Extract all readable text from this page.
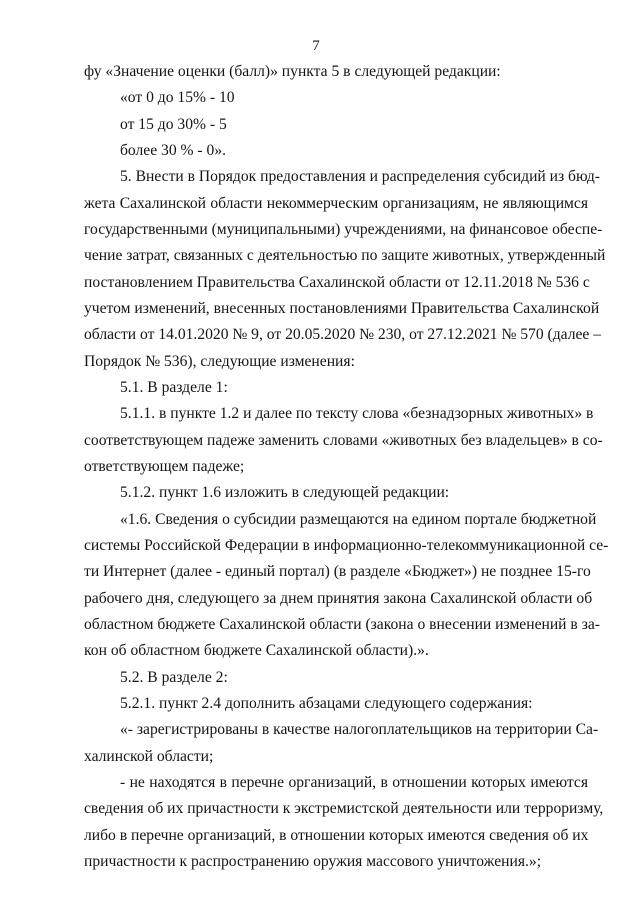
7
фу «Значение оценки (балл)» пункта 5 в следующей редакции:
«от 0 до 15% - 10
от 15 до 30% - 5
более 30 % - 0».
5. Внести в Порядок предоставления и распределения субсидий из бюд-
жета Сахалинской области некоммерческим организациям, не являющимся
государственными (муниципальными) учреждениями, на финансовое обеспе-
чение затрат, связанных с деятельностью по защите животных, утвержденный
постановлением Правительства Сахалинской области от 12.11.2018 № 536 с
учетом изменений, внесенных постановлениями Правительства Сахалинской
области от 14.01.2020 № 9, от 20.05.2020 № 230, от 27.12.2021 № 570 (далее –
Порядок № 536), следующие изменения:
5.1. В разделе 1:
5.1.1. в пункте 1.2 и далее по тексту слова «безнадзорных животных» в
соответствующем падеже заменить словами «животных без владельцев» в со-
ответствующем падеже;
5.1.2. пункт 1.6 изложить в следующей редакции:
«1.6. Сведения о субсидии размещаются на едином портале бюджетной
системы Российской Федерации в информационно-телекоммуникационной се-
ти Интернет (далее - единый портал) (в разделе «Бюджет») не позднее 15-го
рабочего дня, следующего за днем принятия закона Сахалинской области об
областном бюджете Сахалинской области (закона о внесении изменений в за-
кон об областном бюджете Сахалинской области).».
5.2. В разделе 2:
5.2.1. пункт 2.4 дополнить абзацами следующего содержания:
«- зарегистрированы в качестве налогоплательщиков на территории Са-
халинской области;
- не находятся в перечне организаций, в отношении которых имеются
сведения об их причастности к экстремистской деятельности или терроризму,
либо в перечне организаций, в отношении которых имеются сведения об их
причастности к распространению оружия массового уничтожения.»;
